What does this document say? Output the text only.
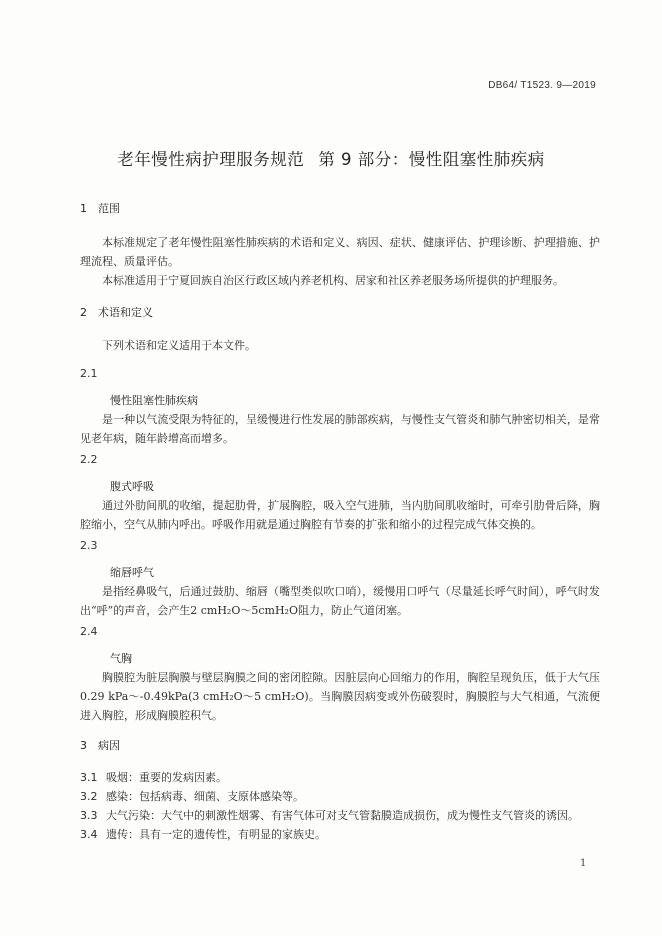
DB64/ T1523. 9—2019
老年慢性病护理服务规范 第 9 部分：慢性阻塞性肺疾病
1 范围
本标准规定了老年慢性阻塞性肺疾病的术语和定义、病因、症状、健康评估、护理诊断、护理措施、护理流程、质量评估。
本标准适用于宁夏回族自治区行政区域内养老机构、居家和社区养老服务场所提供的护理服务。
2 术语和定义
下列术语和定义适用于本文件。
2.1
慢性阻塞性肺疾病
是一种以气流受限为特征的，呈缓慢进行性发展的肺部疾病，与慢性支气管炎和肺气肿密切相关，是常见老年病，随年龄增高而增多。
2.2
腹式呼吸
通过外肋间肌的收缩，提起肋骨，扩展胸腔，吸入空气进肺，当内肋间肌收缩时，可牵引肋骨后降，胸腔缩小，空气从肺内呼出。呼吸作用就是通过胸腔有节奏的扩张和缩小的过程完成气体交换的。
2.3
缩唇呼气
是指经鼻吸气，后通过鼓肋、缩唇（嘴型类似吹口哨），缓慢用口呼气（尽量延长呼气时间），呼气时发出“呼”的声音，会产生2 cmH₂O～5cmH₂O阻力，防止气道闭塞。
2.4
气胸
胸膜腔为脏层胸膜与壁层胸膜之间的密闭腔隙。因脏层向心回缩力的作用，胸腔呈现负压，低于大气压0.29 kPa～-0.49kPa(3 cmH₂O～5 cmH₂O)。当胸膜因病变或外伤破裂时，胸膜腔与大气相通，气流便进入胸腔，形成胸膜腔积气。
3 病因
3.1 吸烟：重要的发病因素。
3.2 感染：包括病毒、细菌、支原体感染等。
3.3 大气污染：大气中的刺激性烟雾、有害气体可对支气管黏膜造成损伤，成为慢性支气管炎的诱因。
3.4 遗传：具有一定的遗传性，有明显的家族史。
1
